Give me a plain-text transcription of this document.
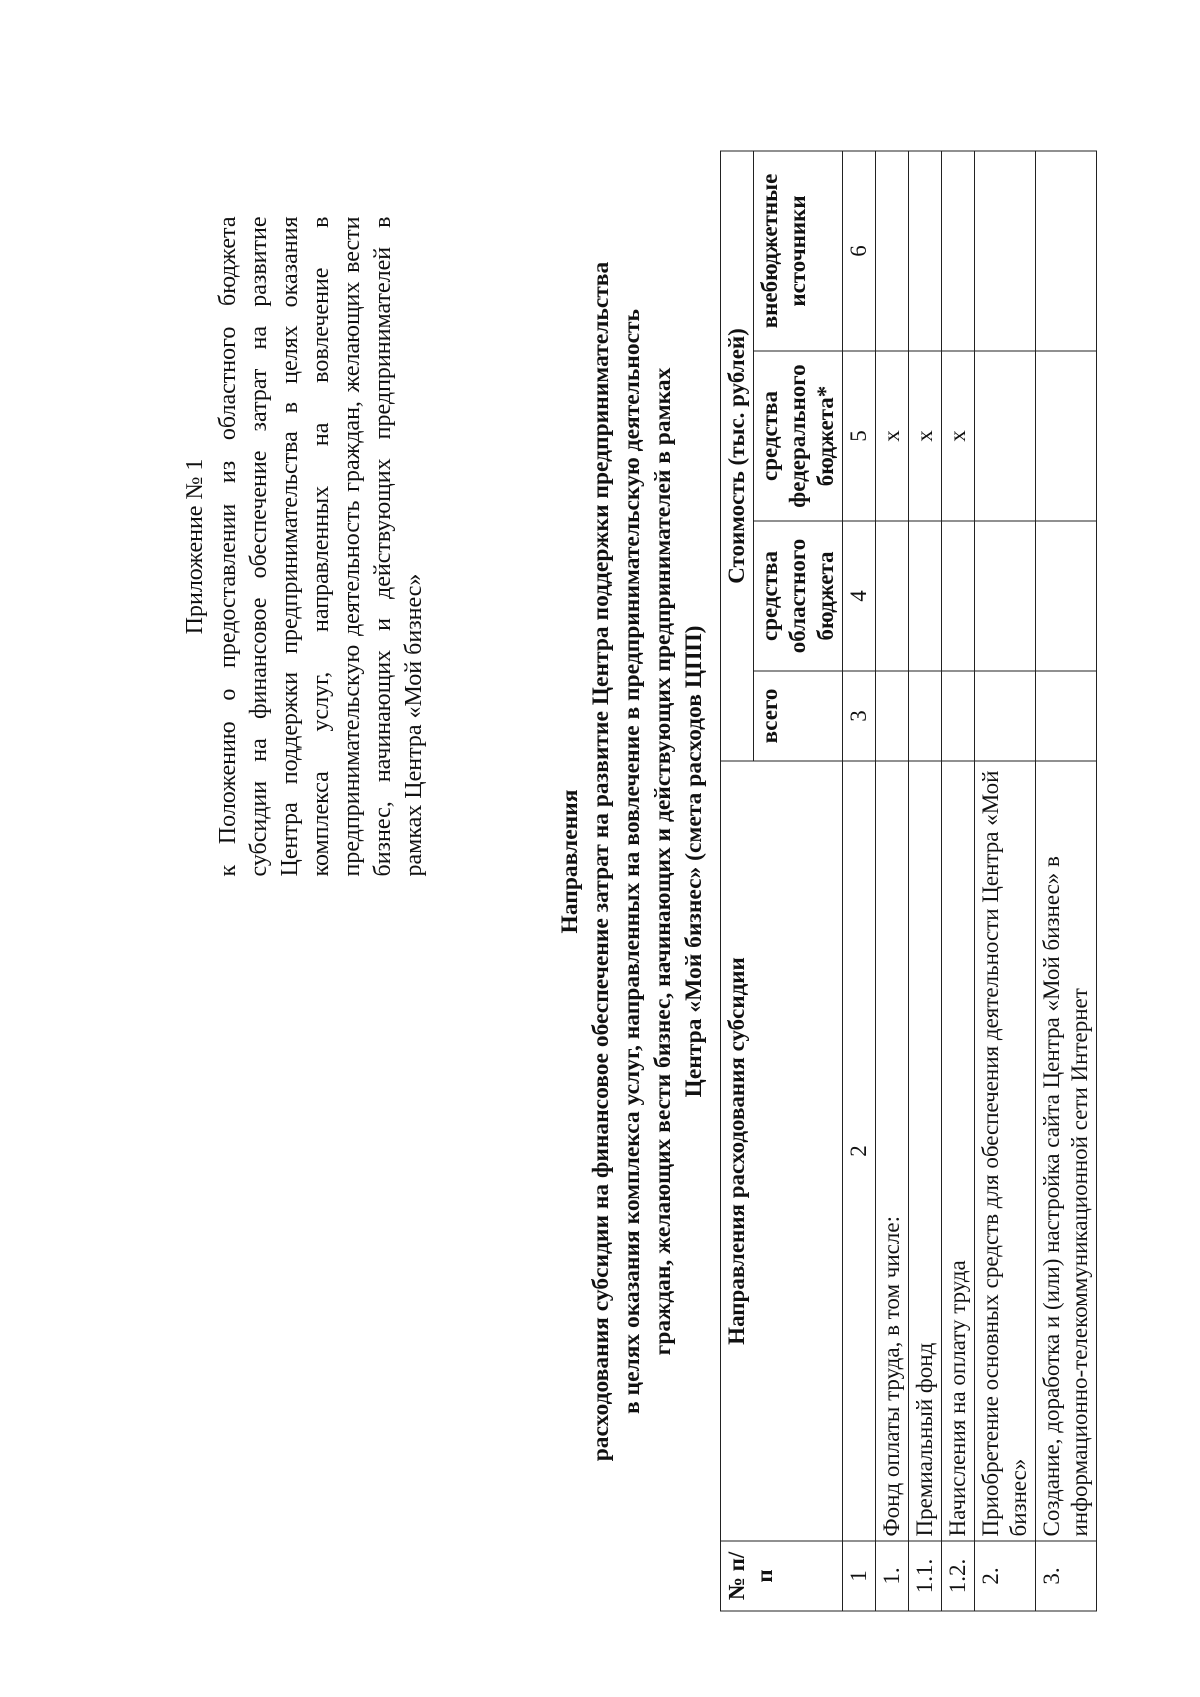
Приложение № 1 к Положению о предоставлении из областного бюджета субсидии на финансовое обеспечение затрат на развитие Центра поддержки предпринимательства в целях оказания комплекса услуг, направленных на вовлечение в предпринимательскую деятельность граждан, желающих вести бизнес, начинающих и действующих предпринимателей в рамках Центра «Мой бизнес»	Направления расходования субсидии на финансовое обеспечение затрат на развитие Центра поддержки предпринимательства в целях оказания комплекса услуг, направленных на вовлечение в предпринимательскую деятельность граждан, желающих вести бизнес, начинающих и действующих предпринимателей в рамках Центра «Мой бизнес» (смета расходов ЦПП)
№ п/п	Направления расходования субсидии	Стоимость (тыс. рублей)			
		всего	средства областного бюджета	средства федерального бюджета*	внебюджетные источники
1	2	3	4	5	6
1.	Фонд оплаты труда, в том числе:			х	
1.1.	Премиальный фонд			х	
1.2.	Начисления на оплату труда			х	
2.	Приобретение основных средств для обеспечения деятельности Центра «Мой бизнес»				
3.	Создание, доработка и (или) настройка сайта Центра «Мой бизнес» в информационно-телекоммуникационной сети Интернет				
